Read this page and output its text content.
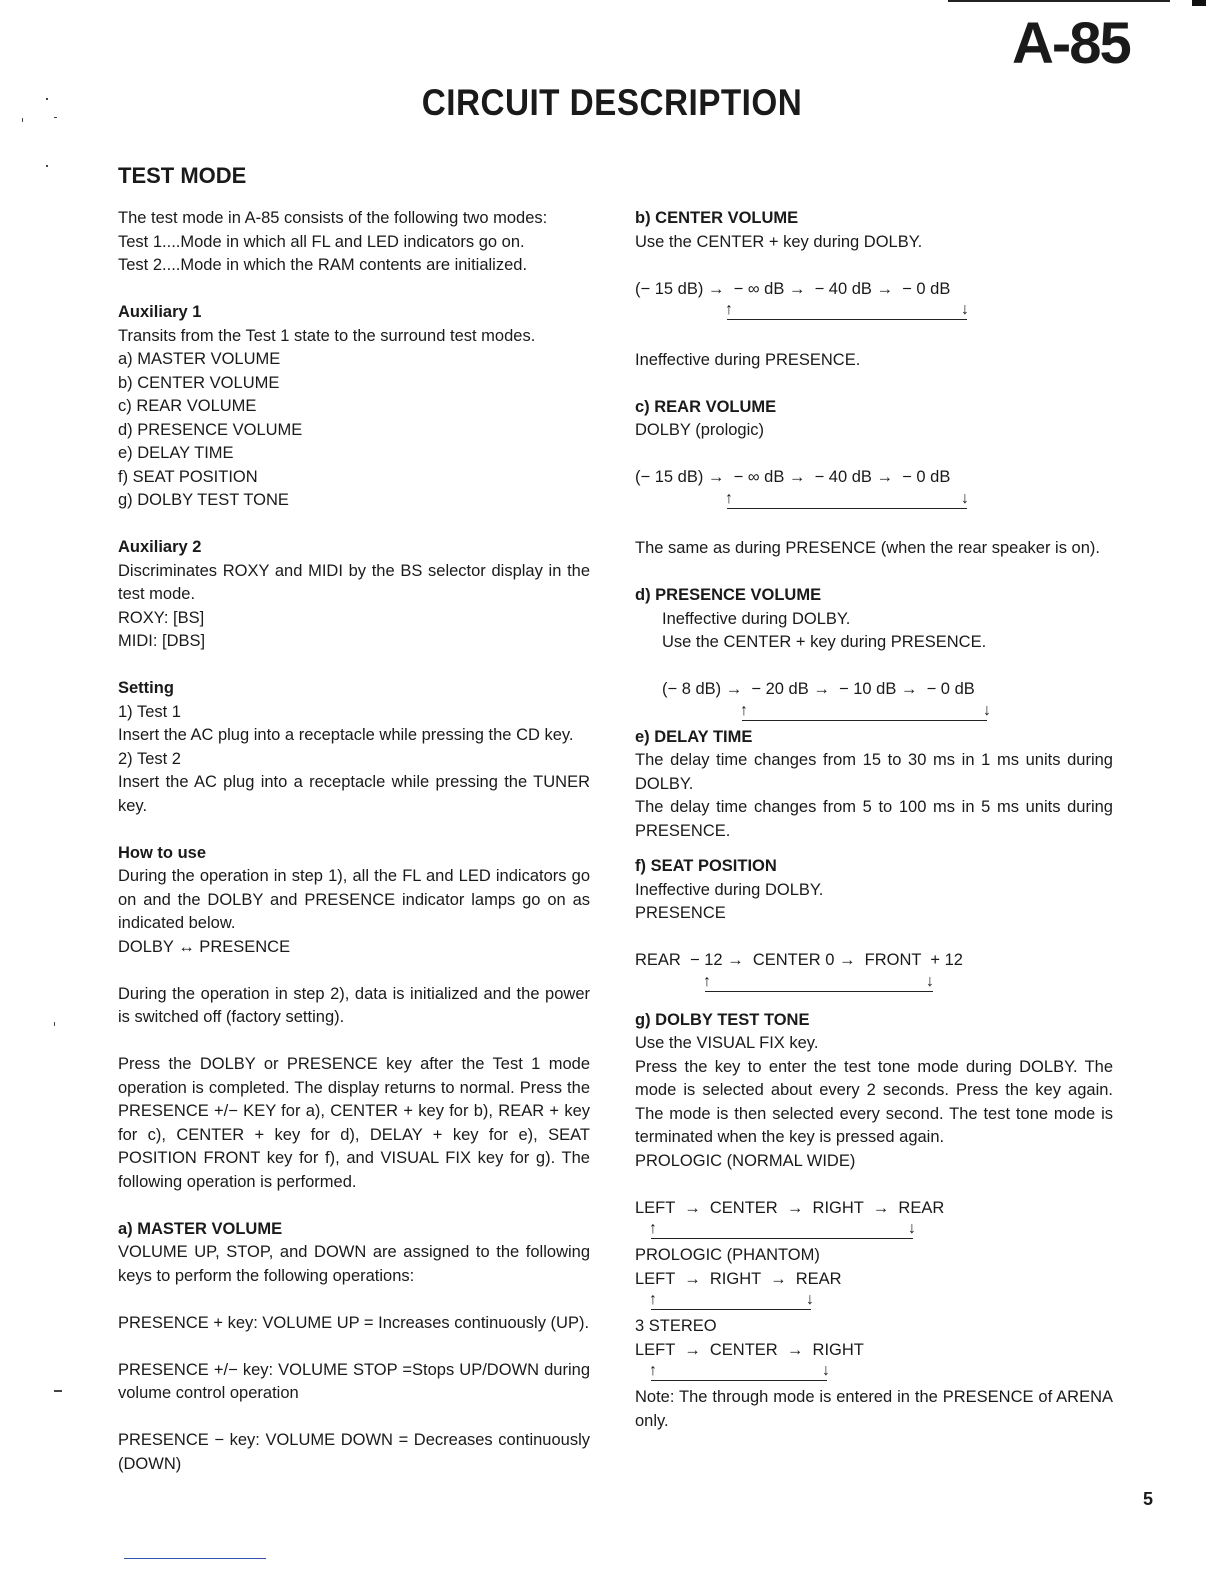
A-85
CIRCUIT DESCRIPTION
TEST MODE

The test mode in A-85 consists of the following two modes:

Test 1....Mode in which all FL and LED indicators go on.

Test 2....Mode in which the RAM contents are initialized.

Auxiliary 1

Transits from the Test 1 state to the surround test modes.

a) MASTER VOLUME

b) CENTER VOLUME

c) REAR VOLUME

d) PRESENCE VOLUME

e) DELAY TIME

f) SEAT POSITION

g) DOLBY TEST TONE

Auxiliary 2

Discriminates ROXY and MIDI by the BS selector display in the test mode.

ROXY: [BS]

MIDI: [DBS]

Setting

1) Test 1

Insert the AC plug into a receptacle while pressing the CD key.

2) Test 2

Insert the AC plug into a receptacle while pressing the TUNER key.

How to use

During the operation in step 1), all the FL and LED indicators go on and the DOLBY and PRESENCE indicator lamps go on as indicated below.

DOLBY ↔ PRESENCE

During the operation in step 2), data is initialized and the power is switched off (factory setting).

Press the DOLBY or PRESENCE key after the Test 1 mode operation is completed. The display returns to normal. Press the PRESENCE +/− KEY for a), CENTER + key for b), REAR + key for c), CENTER + key for d), DELAY + key for e), SEAT POSITION FRONT key for f), and VISUAL FIX key for g). The following operation is performed.

a) MASTER VOLUME

VOLUME UP, STOP, and DOWN are assigned to the following keys to perform the following operations:

PRESENCE + key: VOLUME UP = Increases continuously (UP).

PRESENCE +/− key: VOLUME STOP =Stops UP/DOWN during volume control operation

PRESENCE − key: VOLUME DOWN = Decreases continuously (DOWN)

b) CENTER VOLUME

Use the CENTER + key during DOLBY.

(− 15 dB) →  − ∞ dB →  − 40 dB →  − 0 dB

↑	↓

Ineffective during PRESENCE.

c) REAR VOLUME

DOLBY (prologic)

(− 15 dB) →  − ∞ dB →  − 40 dB →  − 0 dB

↑	↓

The same as during PRESENCE (when the rear speaker is on).

d) PRESENCE VOLUME

Ineffective during DOLBY.

Use the CENTER + key during PRESENCE.

(− 8 dB) →  − 20 dB →  − 10 dB →  − 0 dB

↑	↓

e) DELAY TIME

The delay time changes from 15 to 30 ms in 1 ms units during DOLBY.

The delay time changes from 5 to 100 ms in 5 ms units during PRESENCE.

f) SEAT POSITION

Ineffective during DOLBY.

PRESENCE

REAR  − 12 →  CENTER 0 →  FRONT  + 12

↑	↓

g) DOLBY TEST TONE

Use the VISUAL FIX key.

Press the key to enter the test tone mode during DOLBY. The mode is selected about every 2 seconds. Press the key again. The mode is then selected every second. The test tone mode is terminated when the key is pressed again.

PROLOGIC (NORMAL WIDE)

LEFT  →  CENTER  →  RIGHT  →  REAR

↑	↓

PROLOGIC (PHANTOM)

LEFT  →  RIGHT  →  REAR

↑	↓

3 STEREO

LEFT  →  CENTER  →  RIGHT

↑	↓

Note: The through mode is entered in the PRESENCE of ARENA only.

5
